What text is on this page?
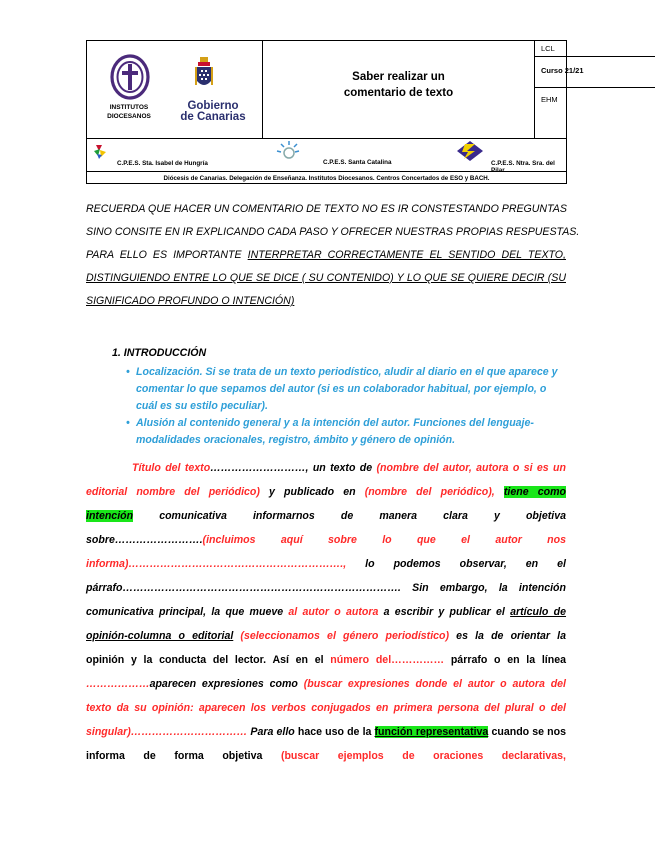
INSTITUTOS
DIOCESANOS
Gobierno
de Canarias
Saber realizar un
comentario de texto
LCL
Curso 21/21
EHM
C.P.E.S. Sta. Isabel de Hungría	C.P.E.S. Santa Catalina	C.P.E.S. Ntra. Sra. del Pilar.
Diócesis de Canarias. Delegación de Enseñanza. Institutos Diocesanos. Centros Concertados de ESO y BACH.
RECUERDA QUE HACER UN COMENTARIO DE TEXTO NO ES IR CONSTESTANDO PREGUNTAS
SINO CONSITE EN IR EXPLICANDO CADA PASO Y OFRECER NUESTRAS PROPIAS RESPUESTAS.
PARA ELLO ES IMPORTANTE INTERPRETAR CORRECTAMENTE EL SENTIDO DEL TEXTO,
DISTINGUIENDO ENTRE LO QUE SE DICE ( SU CONTENIDO) Y LO QUE SE QUIERE DECIR (SU
SIGNIFICADO PROFUNDO O INTENCIÓN)
1. INTRODUCCIÓN
• Localización. Si se trata de un texto periodístico, aludir al diario en el que aparece y comentar lo que sepamos del autor (si es un colaborador habitual, por ejemplo, o cuál es su estilo peculiar).
• Alusión al contenido general y a la intención del autor. Funciones del lenguaje-modalidades oracionales, registro, ámbito y género de opinión.
Título del texto………………………, un texto de (nombre del autor, autora o si es un
editorial nombre del periódico) y publicado en (nombre del periódico), tiene como
intención comunicativa informarnos de manera clara y objetiva
sobre…………………….(incluimos aquí sobre lo que el autor nos
informa)……………………………………………………., lo podemos observar, en el
párrafo……………………………………………………………………. Sin embargo, la intención
comunicativa principal, la que mueve al autor o autora a escribir y publicar el artículo de
opinión-columna o editorial (seleccionamos el género periodístico) es la de orientar la
opinión y la conducta del lector. Así en el número del…………… párrafo o en la línea
………………aparecen expresiones como (buscar expresiones donde el autor o autora del
texto da su opinión: aparecen los verbos conjugados en primera persona del plural o del
singular)…………………………… Para ello hace uso de la función representativa cuando se nos
informa de forma objetiva (buscar ejemplos de oraciones declarativas,
